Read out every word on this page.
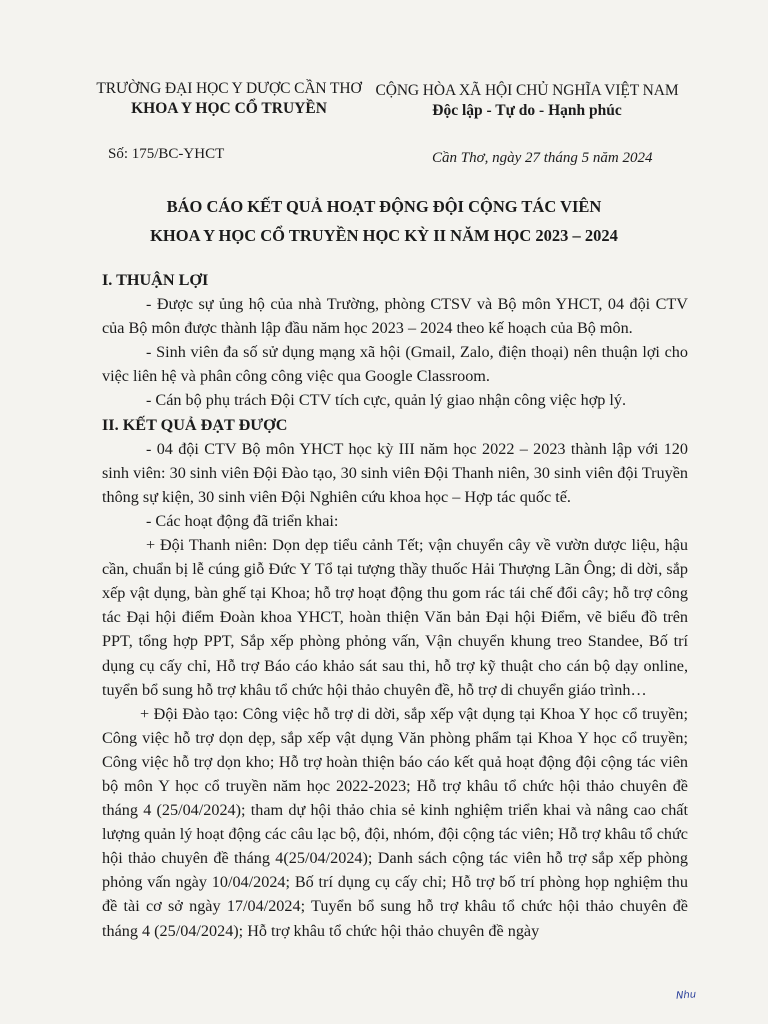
TRƯỜNG ĐẠI HỌC Y DƯỢC CẦN THƠ
KHOA Y HỌC CỔ TRUYỀN
CỘNG HÒA XÃ HỘI CHỦ NGHĨA VIỆT NAM
Độc lập - Tự do - Hạnh phúc
Số: 175/BC-YHCT	Cần Thơ, ngày 27 tháng 5 năm 2024
BÁO CÁO KẾT QUẢ HOẠT ĐỘNG ĐỘI CỘNG TÁC VIÊN
KHOA Y HỌC CỔ TRUYỀN HỌC KỲ II NĂM HỌC 2023 – 2024

I. THUẬN LỢI

- Được sự ủng hộ của nhà Trường, phòng CTSV và Bộ môn YHCT, 04 đội CTV của Bộ môn được thành lập đầu năm học 2023 – 2024 theo kế hoạch của Bộ môn.

- Sinh viên đa số sử dụng mạng xã hội (Gmail, Zalo, điện thoại) nên thuận lợi cho việc liên hệ và phân công công việc qua Google Classroom.

- Cán bộ phụ trách Đội CTV tích cực, quản lý giao nhận công việc hợp lý.

II. KẾT QUẢ ĐẠT ĐƯỢC

- 04 đội CTV Bộ môn YHCT học kỳ III năm học 2022 – 2023 thành lập với 120 sinh viên: 30 sinh viên Đội Đào tạo, 30 sinh viên Đội Thanh niên, 30 sinh viên đội Truyền thông sự kiện, 30 sinh viên Đội Nghiên cứu khoa học – Hợp tác quốc tế.

- Các hoạt động đã triển khai:

+ Đội Thanh niên: Dọn dẹp tiểu cảnh Tết; vận chuyển cây về vườn dược liệu, hậu cần, chuẩn bị lễ cúng giỗ Đức Y Tổ tại tượng thầy thuốc Hải Thượng Lãn Ông; di dời, sắp xếp vật dụng, bàn ghế tại Khoa; hỗ trợ hoạt động thu gom rác tái chế đổi cây; hỗ trợ công tác Đại hội điểm Đoàn khoa YHCT, hoàn thiện Văn bản Đại hội Điểm, vẽ biểu đồ trên PPT, tổng hợp PPT, Sắp xếp phòng phỏng vấn, Vận chuyển khung treo Standee, Bố trí dụng cụ cấy chỉ, Hỗ trợ Báo cáo khảo sát sau thi, hỗ trợ kỹ thuật cho cán bộ dạy online, tuyển bổ sung hỗ trợ khâu tổ chức hội thảo chuyên đề, hỗ trợ di chuyển giáo trình…

+ Đội Đào tạo: Công việc hỗ trợ di dời, sắp xếp vật dụng tại Khoa Y học cổ truyền; Công việc hỗ trợ dọn dẹp, sắp xếp vật dụng Văn phòng phẩm tại Khoa Y học cổ truyền; Công việc hỗ trợ dọn kho; Hỗ trợ hoàn thiện báo cáo kết quả hoạt động đội cộng tác viên bộ môn Y học cổ truyền năm học 2022-2023; Hỗ trợ khâu tổ chức hội thảo chuyên đề tháng 4 (25/04/2024); tham dự hội thảo chia sẻ kinh nghiệm triển khai và nâng cao chất lượng quản lý hoạt động các câu lạc bộ, đội, nhóm, đội cộng tác viên; Hỗ trợ khâu tổ chức hội thảo chuyên đề tháng 4(25/04/2024); Danh sách cộng tác viên hỗ trợ sắp xếp phòng phỏng vấn ngày 10/04/2024; Bố trí dụng cụ cấy chỉ; Hỗ trợ bố trí phòng họp nghiệm thu đề tài cơ sở ngày 17/04/2024; Tuyển bổ sung hỗ trợ khâu tổ chức hội thảo chuyên đề tháng 4 (25/04/2024); Hỗ trợ khâu tổ chức hội thảo chuyên đề ngày

Nhu
